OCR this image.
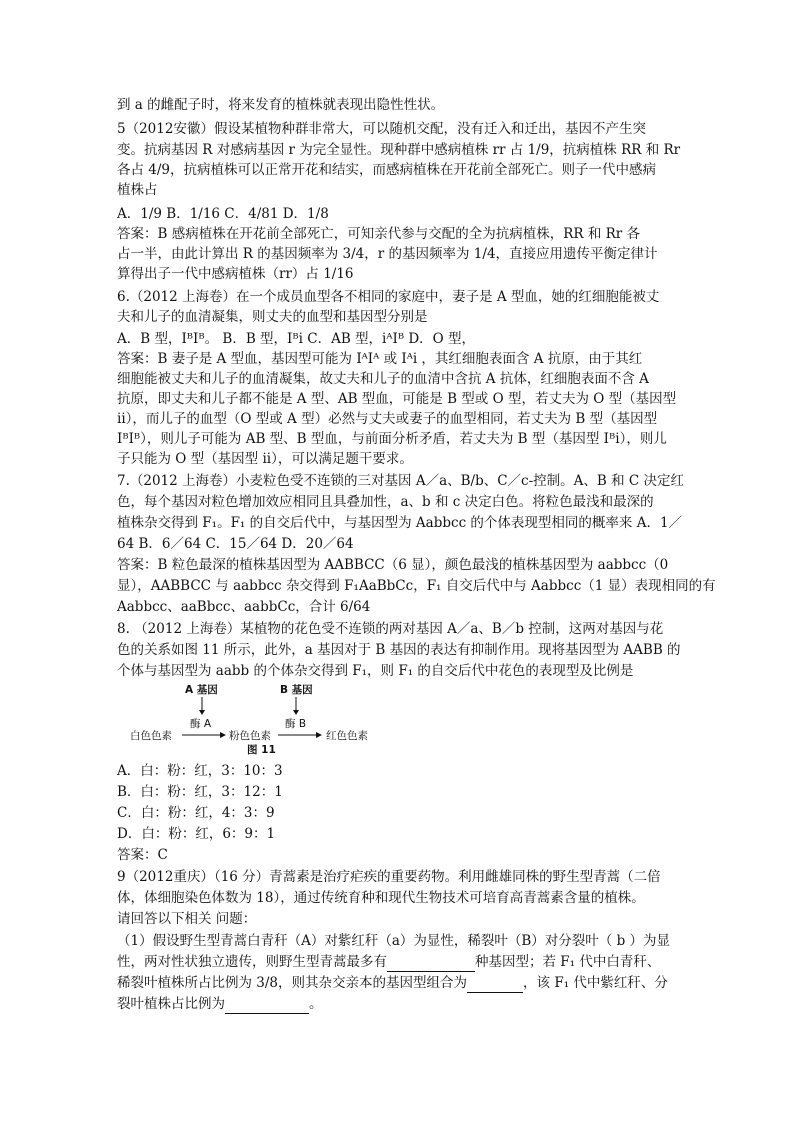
到 a 的雌配子时，将来发育的植株就表现出隐性性状。
5（2012安徽）假设某植物种群非常大，可以随机交配，没有迁入和迁出，基因不产生突
变。抗病基因 R 对感病基因 r 为完全显性。现种群中感病植株 rr 占 1/9，抗病植株 RR 和 Rr
各占 4/9，抗病植株可以正常开花和结实，而感病植株在开花前全部死亡。则子一代中感病
植株占
A．1/9 B．1/16 C．4/81 D．1/8
答案：B 感病植株在开花前全部死亡，可知亲代参与交配的全为抗病植株，RR 和 Rr 各
占一半，由此计算出 R 的基因频率为 3/4，r 的基因频率为 1/4，直接应用遗传平衡定律计
算得出子一代中感病植株（rr）占 1/16
6.（2012 上海卷）在一个成员血型各不相同的家庭中，妻子是 A 型血，她的红细胞能被丈
夫和儿子的血清凝集，则丈夫的血型和基因型分别是
A．B 型，IᴮIᴮ。 B．B 型，Iᴮi C．AB 型，iᴬIᴮ D．O 型，
答案：B 妻子是 A 型血，基因型可能为 IᴬIᴬ 或 Iᴬi ，其红细胞表面含 A 抗原，由于其红
细胞能被丈夫和儿子的血清凝集，故丈夫和儿子的血清中含抗 A 抗体，红细胞表面不含 A
抗原，即丈夫和儿子都不能是 A 型、AB 型血，可能是 B 型或 O 型，若丈夫为 O 型（基因型
ii），而儿子的血型（O 型或 A 型）必然与丈夫或妻子的血型相同，若丈夫为 B 型（基因型
IᴮIᴮ），则儿子可能为 AB 型、B 型血，与前面分析矛盾，若丈夫为 B 型（基因型 Iᴮi），则儿
子只能为 O 型（基因型 ii），可以满足题干要求。
7.（2012 上海卷）小麦粒色受不连锁的三对基因 A／a、B/b、C／c-控制。A、B 和 C 决定红
色，每个基因对粒色增加效应相同且具叠加性，a、b 和 c 决定白色。将粒色最浅和最深的
植株杂交得到 F₁。F₁ 的自交后代中，与基因型为 Aabbcc 的个体表现型相同的概率来 A．1／
64 B．6／64 C．15／64 D．20／64
答案：B 粒色最深的植株基因型为 AABBCC（6 显），颜色最浅的植株基因型为 aabbcc（0
显），AABBCC 与 aabbcc 杂交得到 F₁AaBbCc，F₁ 自交后代中与 Aabbcc（1 显）表现相同的有
Aabbcc、aaBbcc、aabbCc，合计 6/64
8. （2012 上海卷）某植物的花色受不连锁的两对基因 A／a、B／b 控制，这两对基因与花
色的关系如图 11 所示，此外，a 基因对于 B 基因的表达有抑制作用。现将基因型为 AABB 的
个体与基因型为 aabb 的个体杂交得到 F₁，则 F₁ 的自交后代中花色的表现型及比例是
A 基因	B 基因
酶 A	酶 B
白色色素	粉色色素	红色色素
图 11
A．白：粉：红，3：10：3
B．白：粉：红，3：12：1
C．白：粉：红，4：3：9
D．白：粉：红，6：9：1
答案：C
9（2012重庆）（16 分）青蒿素是治疗疟疾的重要药物。利用雌雄同株的野生型青蒿（二倍
体，体细胞染色体数为 18），通过传统育种和现代生物技术可培育高青蒿素含量的植株。
请回答以下相关 问题：
（1）假设野生型青蒿白青秆（A）对紫红秆（a）为显性，稀裂叶（B）对分裂叶（ b ）为显
性，两对性状独立遗传，则野生型青蒿最多有	种基因型；若 F₁ 代中白青秆、
稀裂叶植株所占比例为 3/8，则其杂交亲本的基因型组合为	，该 F₁ 代中紫红秆、分
裂叶植株占比例为	。
